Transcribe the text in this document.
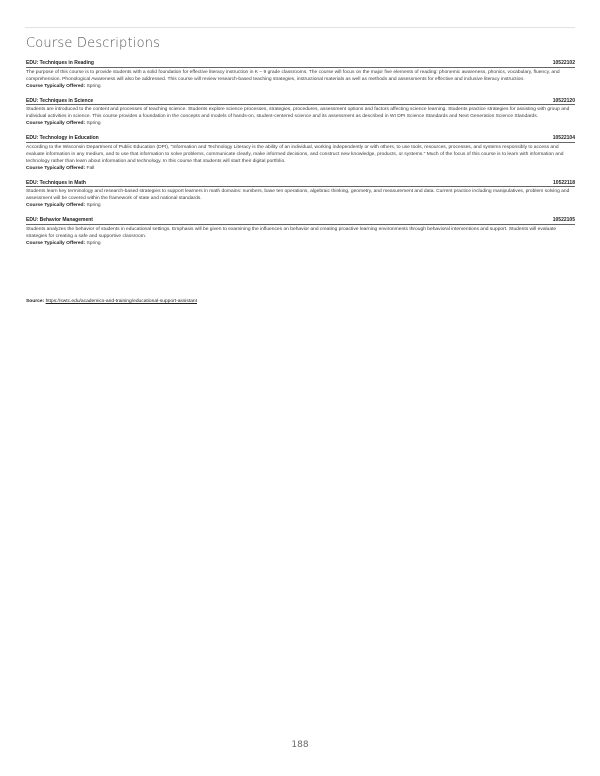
Course Descriptions
EDU: Techniques in Reading	10522102
The purpose of this course is to provide students with a solid foundation for effective literacy instruction in K – 9 grade classrooms. The course will focus on the major five elements of reading: phonemic awareness, phonics, vocabulary, fluency, and comprehension. Phonological Awareness will also be addressed. This course will review research-based teaching strategies, instructional materials as well as methods and assessments for effective and inclusive literacy instruction.
Course Typically Offered: Spring
EDU: Techniques in Science	10522120
Students are introduced to the content and processes of teaching science. Students explore science processes, strategies, procedures, assessment options and factors affecting science learning. Students practice strategies for assisting with group and individual activities in science. This course provides a foundation in the concepts and models of hands-on, student-centered science and its assessment as described in WI DPI Science Standards and Next Generation Science Standards.
Course Typically Offered: Spring
EDU: Technology in Education	10522104
According to the Wisconsin Department of Public Education (DPI), "Information and Technology Literacy is the ability of an individual, working independently or with others, to use tools, resources, processes, and systems responsibly to access and evaluate information in any medium, and to use that information to solve problems, communicate clearly, make informed decisions, and construct new knowledge, products, or systems." Much of the focus of this course is to learn with information and technology rather than learn about information and technology. In this course that students will start their digital portfolio.
Course Typically Offered: Fall
EDU: Techniques in Math	10522118
Students learn key terminology and research-based strategies to support learners in math domains: numbers, base ten operations, algebraic thinking, geometry, and measurement and data. Current practice including manipulatives, problem solving and assessment will be covered within the framework of state and national standards.
Course Typically Offered: Spring
EDU: Behavior Management	10522105
Students analyzes the behavior of students in educational settings. Emphasis will be given to examining the influences on behavior and creating proactive learning environments through behavioral interventions and support. Students will evaluate strategies for creating a safe and supportive classroom.
Course Typically Offered: Spring
Source: https://swtc.edu/academics-and-training/educational-support-assistant
188
